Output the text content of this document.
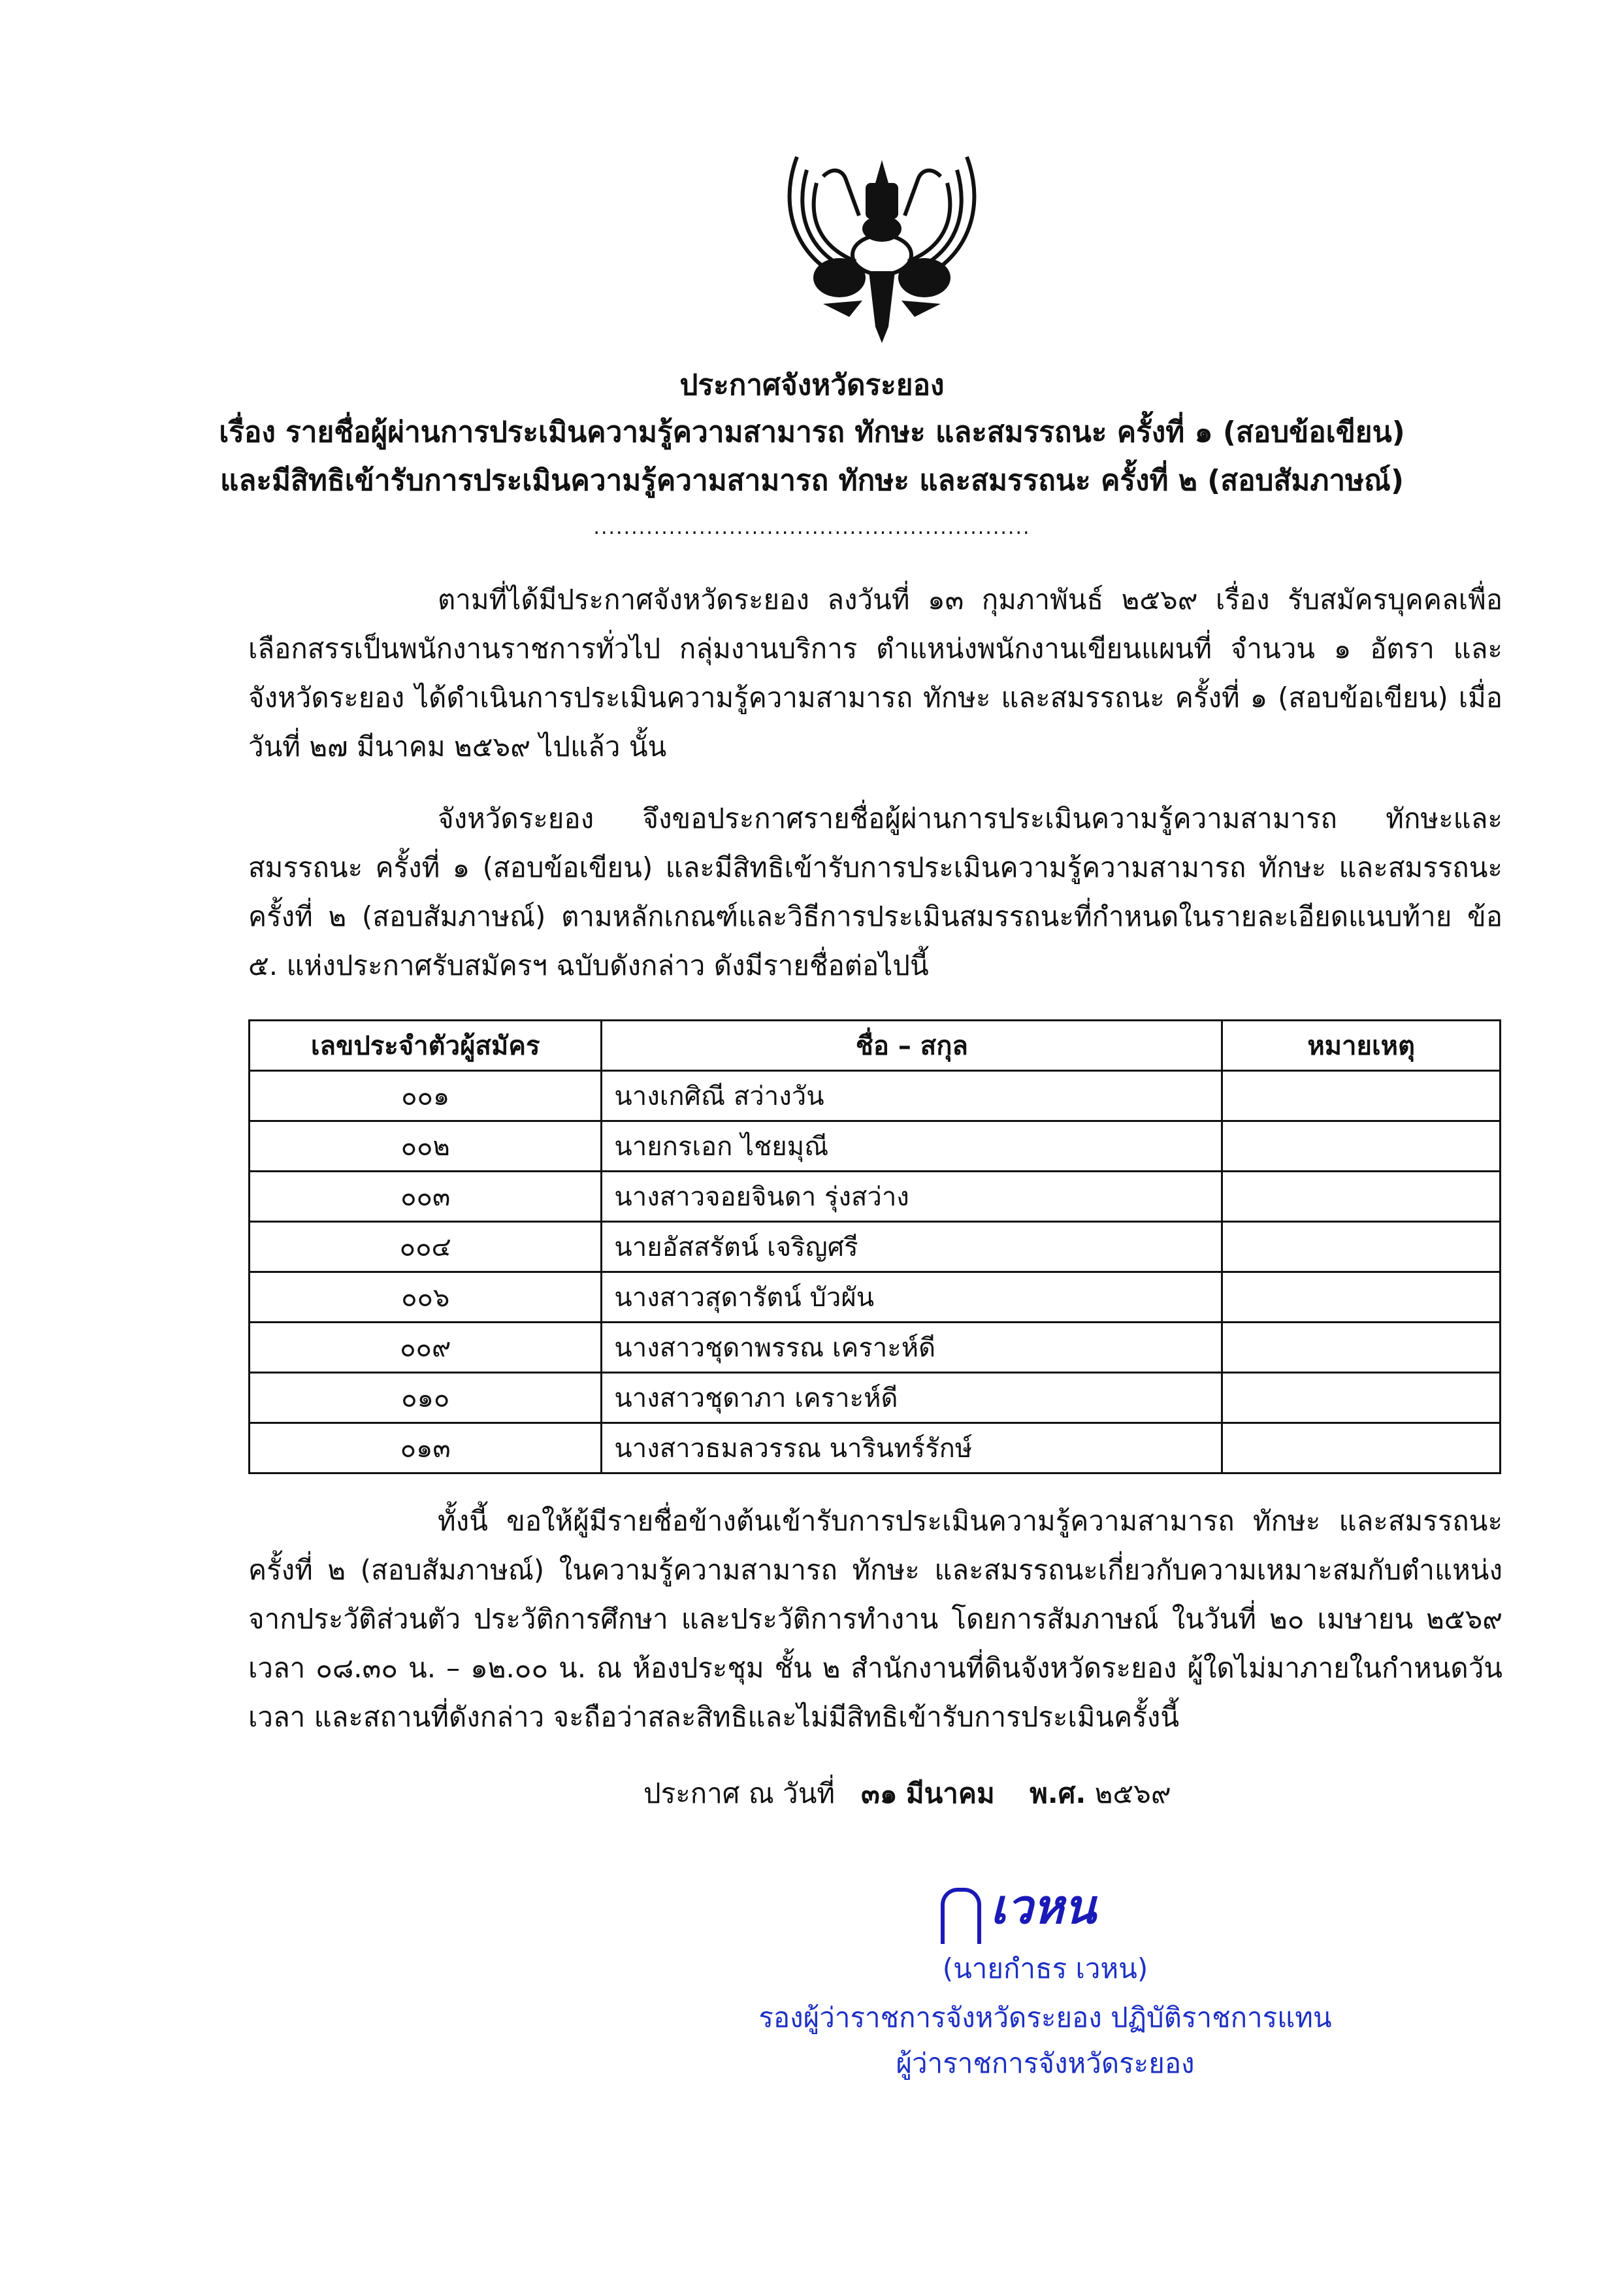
ประกาศจังหวัดระยอง
เรื่อง รายชื่อผู้ผ่านการประเมินความรู้ความสามารถ ทักษะ และสมรรถนะ ครั้งที่ ๑ (สอบข้อเขียน)
และมีสิทธิเข้ารับการประเมินความรู้ความสามารถ ทักษะ และสมรรถนะ ครั้งที่ ๒ (สอบสัมภาษณ์)
..........................................................
ตามที่ได้มีประกาศจังหวัดระยอง ลงวันที่ ๑๓ กุมภาพันธ์ ๒๕๖๙ เรื่อง รับสมัครบุคคลเพื่อเลือกสรรเป็นพนักงานราชการทั่วไป กลุ่มงานบริการ ตำแหน่งพนักงานเขียนแผนที่ จำนวน ๑ อัตรา และจังหวัดระยอง ได้ดำเนินการประเมินความรู้ความสามารถ ทักษะ และสมรรถนะ ครั้งที่ ๑ (สอบข้อเขียน) เมื่อวันที่ ๒๗ มีนาคม ๒๕๖๙ ไปแล้ว นั้น
จังหวัดระยอง จึงขอประกาศรายชื่อผู้ผ่านการประเมินความรู้ความสามารถ ทักษะและสมรรถนะ ครั้งที่ ๑ (สอบข้อเขียน) และมีสิทธิเข้ารับการประเมินความรู้ความสามารถ ทักษะ และสมรรถนะครั้งที่ ๒ (สอบสัมภาษณ์) ตามหลักเกณฑ์และวิธีการประเมินสมรรถนะที่กำหนดในรายละเอียดแนบท้าย ข้อ ๕. แห่งประกาศรับสมัครฯ ฉบับดังกล่าว ดังมีรายชื่อต่อไปนี้
เลขประจำตัวผู้สมัคร	ชื่อ – สกุล	หมายเหตุ
๐๐๑	นางเกศิณี สว่างวัน	
๐๐๒	นายกรเอก ไชยมุณี	
๐๐๓	นางสาวจอยจินดา รุ่งสว่าง	
๐๐๔	นายอัสสรัตน์ เจริญศรี	
๐๐๖	นางสาวสุดารัตน์ บัวผัน	
๐๐๙	นางสาวชุดาพรรณ เคราะห์ดี	
๐๑๐	นางสาวชุดาภา เคราะห์ดี	
๐๑๓	นางสาวธมลวรรณ นารินทร์รักษ์	
ทั้งนี้ ขอให้ผู้มีรายชื่อข้างต้นเข้ารับการประเมินความรู้ความสามารถ ทักษะ และสมรรถนะครั้งที่ ๒ (สอบสัมภาษณ์) ในความรู้ความสามารถ ทักษะ และสมรรถนะเกี่ยวกับความเหมาะสมกับตำแหน่งจากประวัติส่วนตัว ประวัติการศึกษา และประวัติการทำงาน โดยการสัมภาษณ์ ในวันที่ ๒๐ เมษายน ๒๕๖๙ เวลา ๐๘.๓๐ น. – ๑๒.๐๐ น. ณ ห้องประชุม ชั้น ๒ สำนักงานที่ดินจังหวัดระยอง ผู้ใดไม่มาภายในกำหนดวัน เวลา และสถานที่ดังกล่าว จะถือว่าสละสิทธิและไม่มีสิทธิเข้ารับการประเมินครั้งนี้
ประกาศ ณ วันที่ ๓๑ มีนาคม พ.ศ. ๒๕๖๙
เวหน
(นายกำธร เวหน)
รองผู้ว่าราชการจังหวัดระยอง ปฏิบัติราชการแทน
ผู้ว่าราชการจังหวัดระยอง
